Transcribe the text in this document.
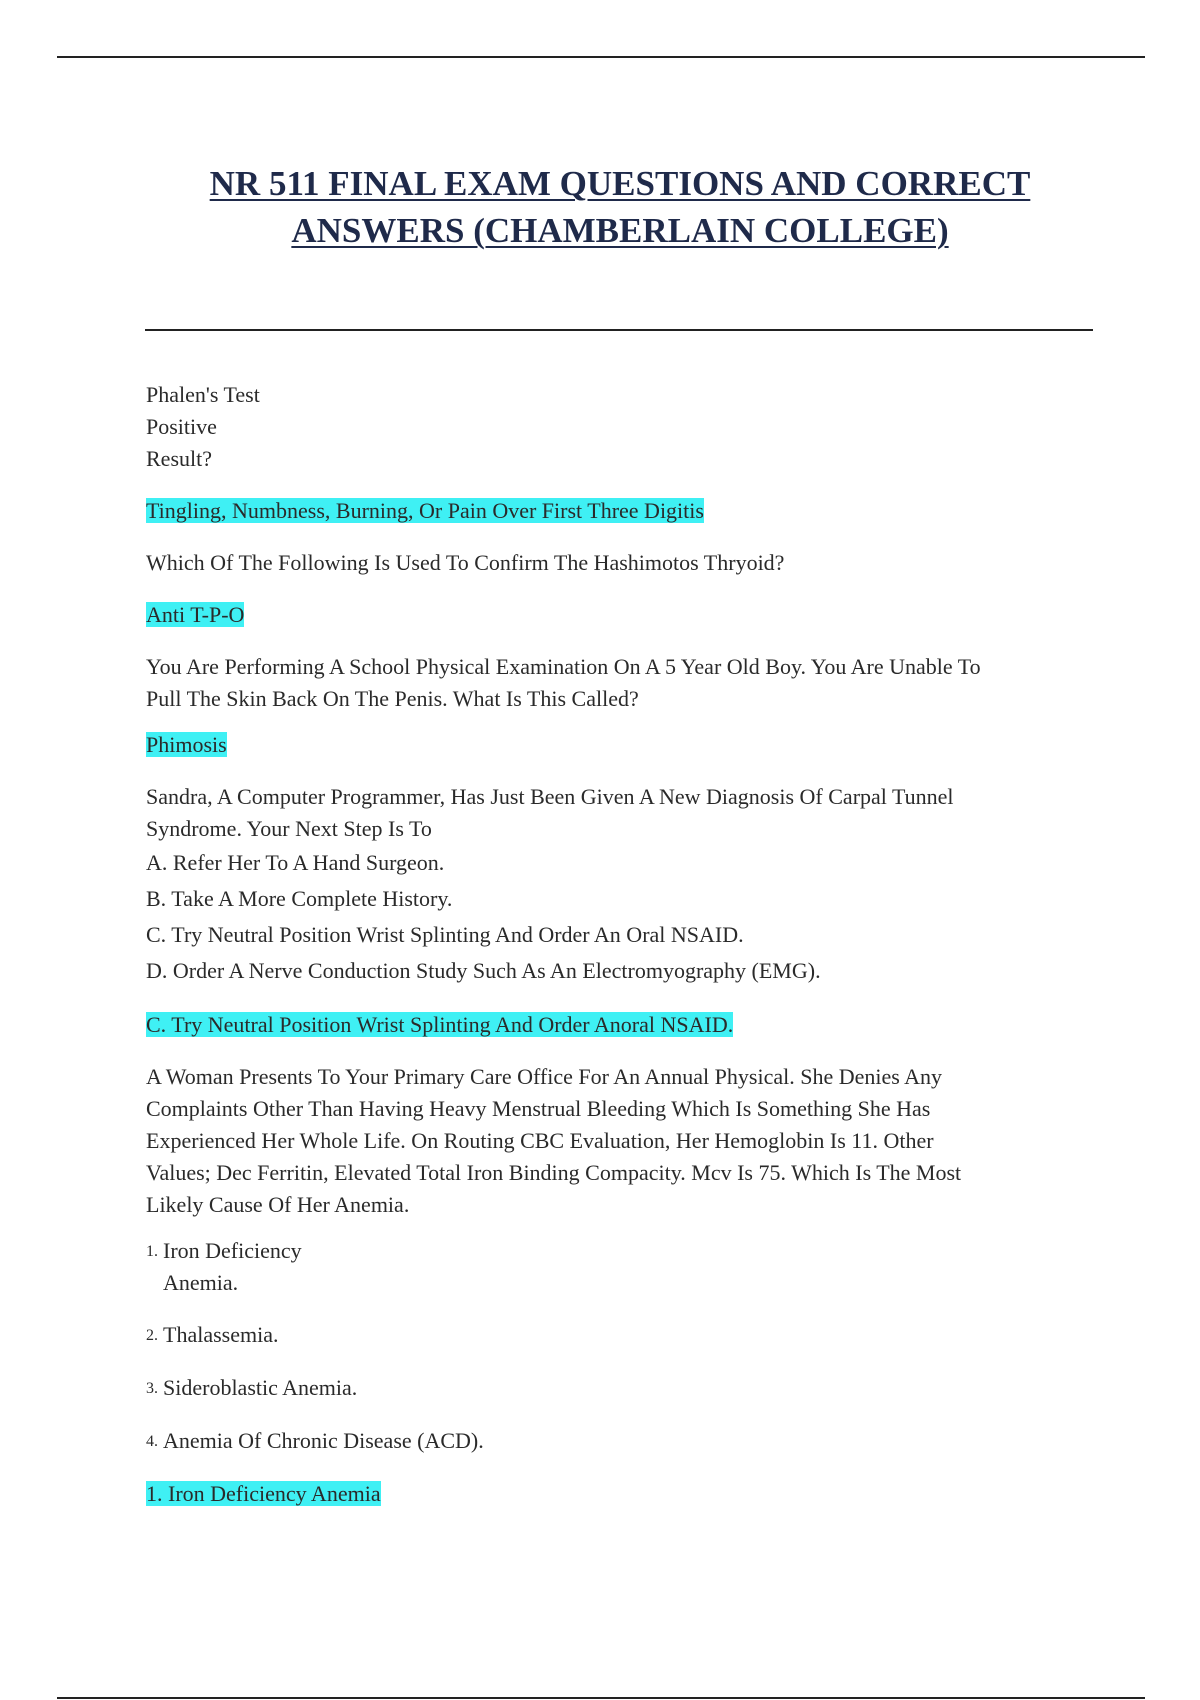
NR 511 FINAL EXAM QUESTIONS AND CORRECT
ANSWERS (CHAMBERLAIN COLLEGE)
Phalen's Test
Positive
Result?
Tingling, Numbness, Burning, Or Pain Over First Three Digitis
Which Of The Following Is Used To Confirm The Hashimotos Thryoid?
Anti T-P-O
You Are Performing A School Physical Examination On A 5 Year Old Boy. You Are Unable To
Pull The Skin Back On The Penis. What Is This Called?
Phimosis
Sandra, A Computer Programmer, Has Just Been Given A New Diagnosis Of Carpal Tunnel
Syndrome. Your Next Step Is To
A. Refer Her To A Hand Surgeon.
B. Take A More Complete History.
C. Try Neutral Position Wrist Splinting And Order An Oral NSAID.
D. Order A Nerve Conduction Study Such As An Electromyography (EMG).
C. Try Neutral Position Wrist Splinting And Order Anoral NSAID.
A Woman Presents To Your Primary Care Office For An Annual Physical. She Denies Any
Complaints Other Than Having Heavy Menstrual Bleeding Which Is Something She Has
Experienced Her Whole Life. On Routing CBC Evaluation, Her Hemoglobin Is 11. Other
Values; Dec Ferritin, Elevated Total Iron Binding Compacity. Mcv Is 75. Which Is The Most
Likely Cause Of Her Anemia.
1. Iron Deficiency
Anemia.
2. Thalassemia.
3. Sideroblastic Anemia.
4. Anemia Of Chronic Disease (ACD).
1. Iron Deficiency Anemia
